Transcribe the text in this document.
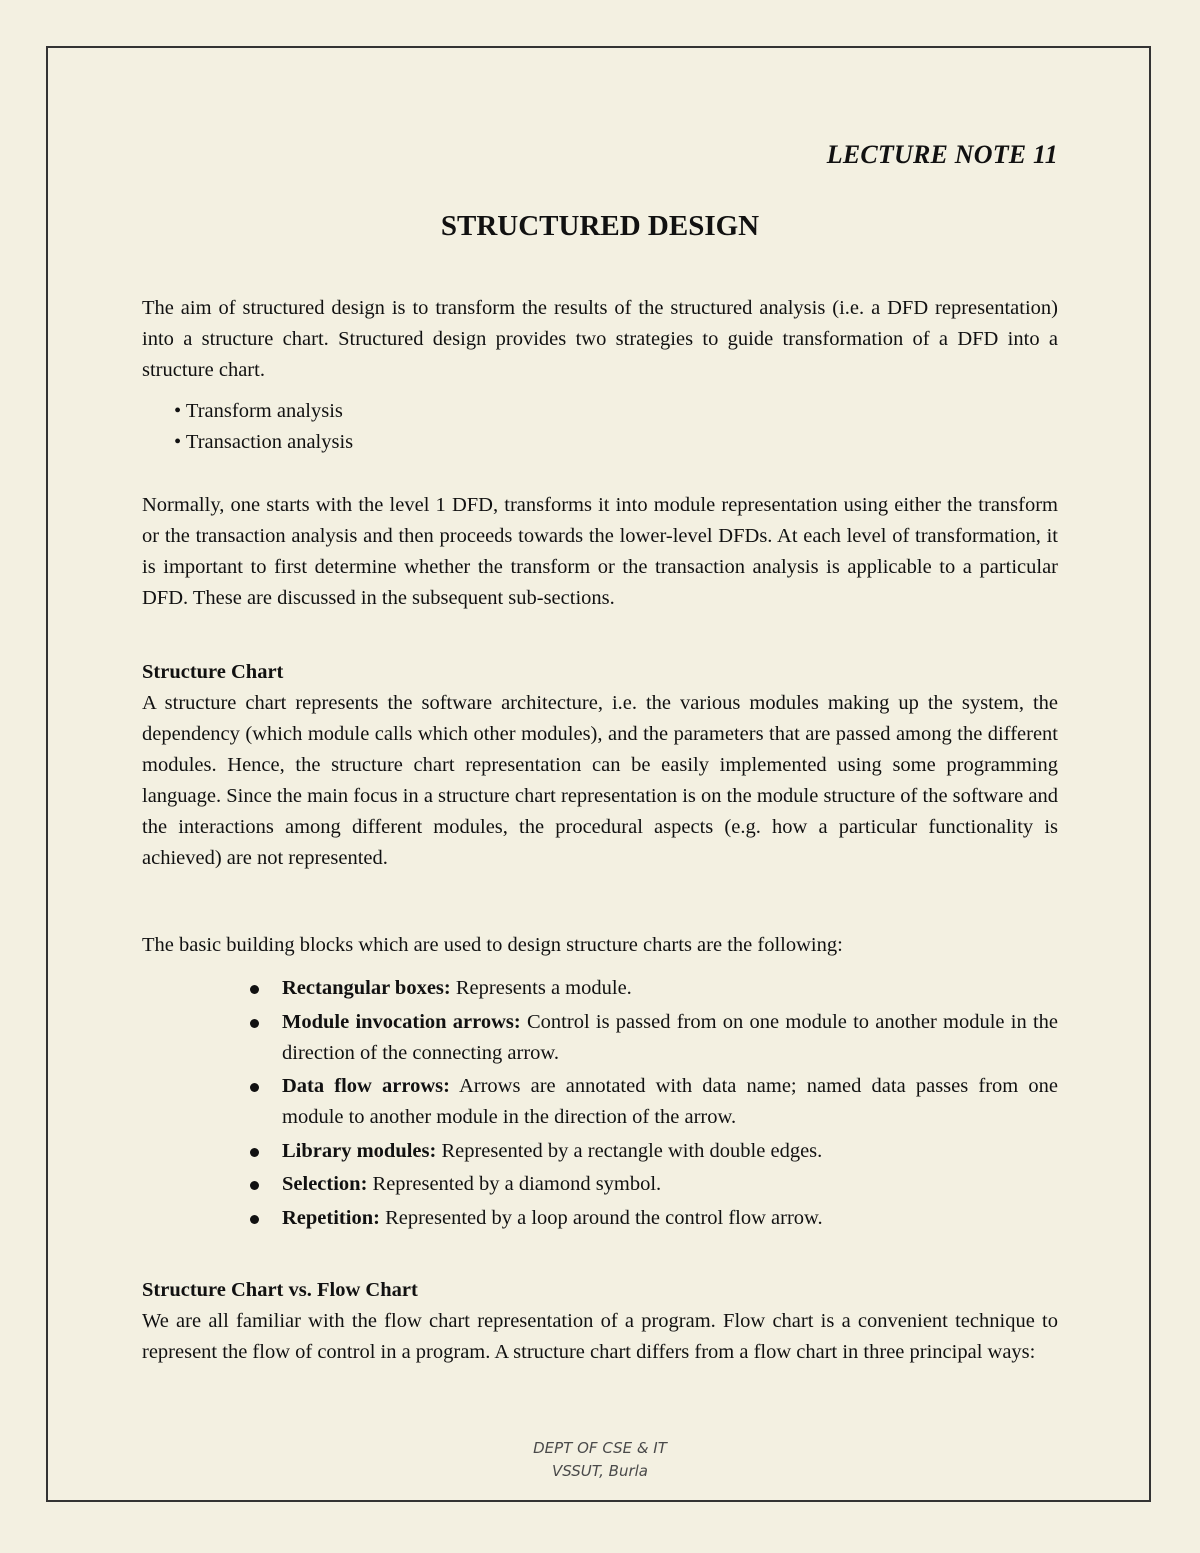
LECTURE NOTE 11
STRUCTURED DESIGN

The aim of structured design is to transform the results of the structured analysis (i.e. a DFD representation) into a structure chart. Structured design provides two strategies to guide transformation of a DFD into a structure chart.

• Transform analysis
• Transaction analysis

Normally, one starts with the level 1 DFD, transforms it into module representation using either the transform or the transaction analysis and then proceeds towards the lower-level DFDs. At each level of transformation, it is important to first determine whether the transform or the transaction analysis is applicable to a particular DFD. These are discussed in the subsequent sub-sections.

Structure Chart

A structure chart represents the software architecture, i.e. the various modules making up the system, the dependency (which module calls which other modules), and the parameters that are passed among the different modules. Hence, the structure chart representation can be easily implemented using some programming language. Since the main focus in a structure chart representation is on the module structure of the software and the interactions among different modules, the procedural aspects (e.g. how a particular functionality is achieved) are not represented.

The basic building blocks which are used to design structure charts are the following:

Rectangular boxes: Represents a module.
Module invocation arrows: Control is passed from on one module to another module in the direction of the connecting arrow.
Data flow arrows: Arrows are annotated with data name; named data passes from one module to another module in the direction of the arrow.
Library modules: Represented by a rectangle with double edges.
Selection: Represented by a diamond symbol.
Repetition: Represented by a loop around the control flow arrow.
Structure Chart vs. Flow Chart

We are all familiar with the flow chart representation of a program. Flow chart is a convenient technique to represent the flow of control in a program. A structure chart differs from a flow chart in three principal ways:

DEPT OF CSE & IT
VSSUT, Burla
